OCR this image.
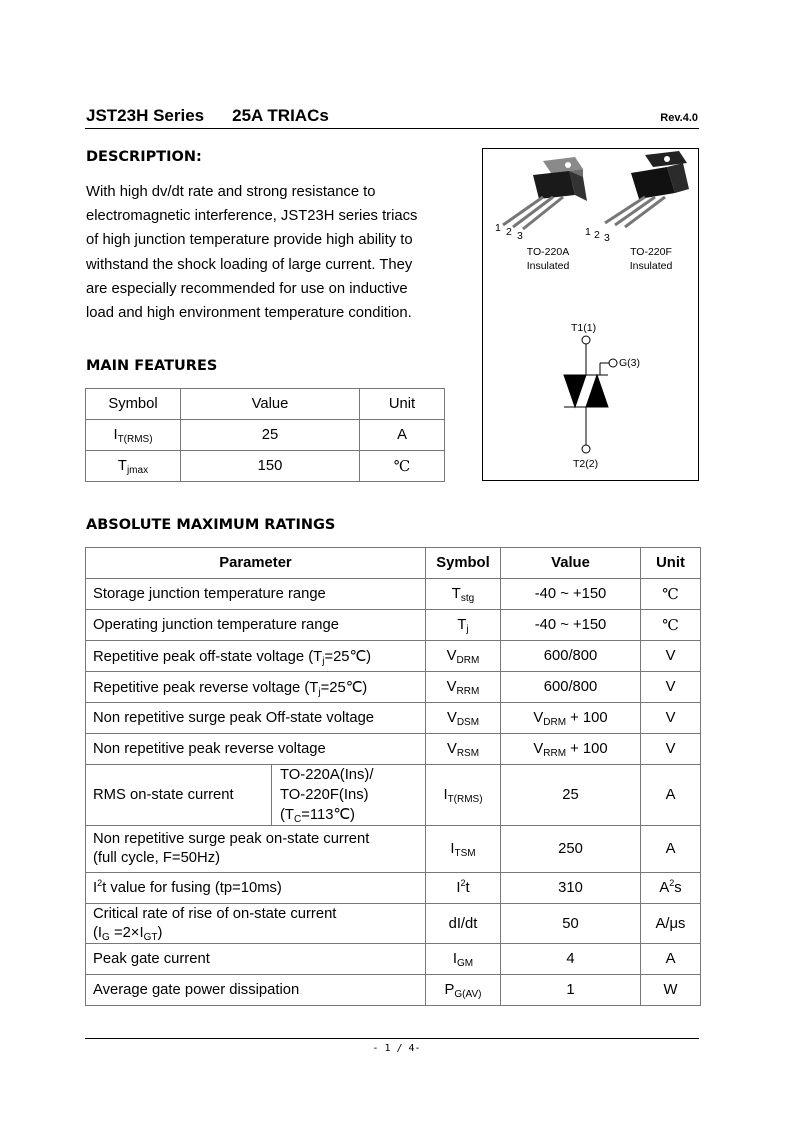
JST23H Series 25A TRIACs	Rev.4.0
DESCRIPTION:
With high dv/dt rate and strong resistance to
electromagnetic interference, JST23H series triacs
of high junction temperature provide high ability to
withstand the shock loading of large current. They
are especially recommended for use on inductive
load and high environment temperature condition.
1 2 3	1 2 3
TO-220A
Insulated
TO-220F
Insulated
T1(1)
G(3)
T2(2)
MAIN FEATURES
Symbol	Value	Unit
$I_{T(RMS)}$	25	A
$T_{jmax}$	150	℃
ABSOLUTE MAXIMUM RATINGS
Parameter		Symbol	Value	Unit
Storage junction temperature range		$T_{stg}$	-40 ~ +150	℃
Operating junction temperature range		$T_j$	-40 ~ +150	℃
Repetitive peak off-state voltage $(T_j=25℃)$		$V_{DRM}$	600/800	V
Repetitive peak reverse voltage $(T_j=25℃)$		$V_{RRM}$	600/800	V
Non repetitive surge peak Off-state voltage		$V_{DSM}$	$V_{DRM} + 100$	V
Non repetitive peak reverse voltage		$V_{RSM}$	$V_{RRM} + 100$	V
RMS on-state current	TO-220A(Ins)/
TO-220F(Ins)
$(T_C=113℃)$	$I_{T(RMS)}$	25	A

Non repetitive surge peak on-state current
(full cycle, F=50Hz)		$I_{TSM}$	250	A
$I^2t$ value for fusing (tp=10ms)		$I^2t$	310	$A^2s$

Critical rate of rise of on-state current
$(I_G =2\times I_{GT})$		dI/dt	50	A/μs
Peak gate current		$I_{GM}$	4	A
Average gate power dissipation		$P_{G(AV)}$	1	W
- 1 / 4-
